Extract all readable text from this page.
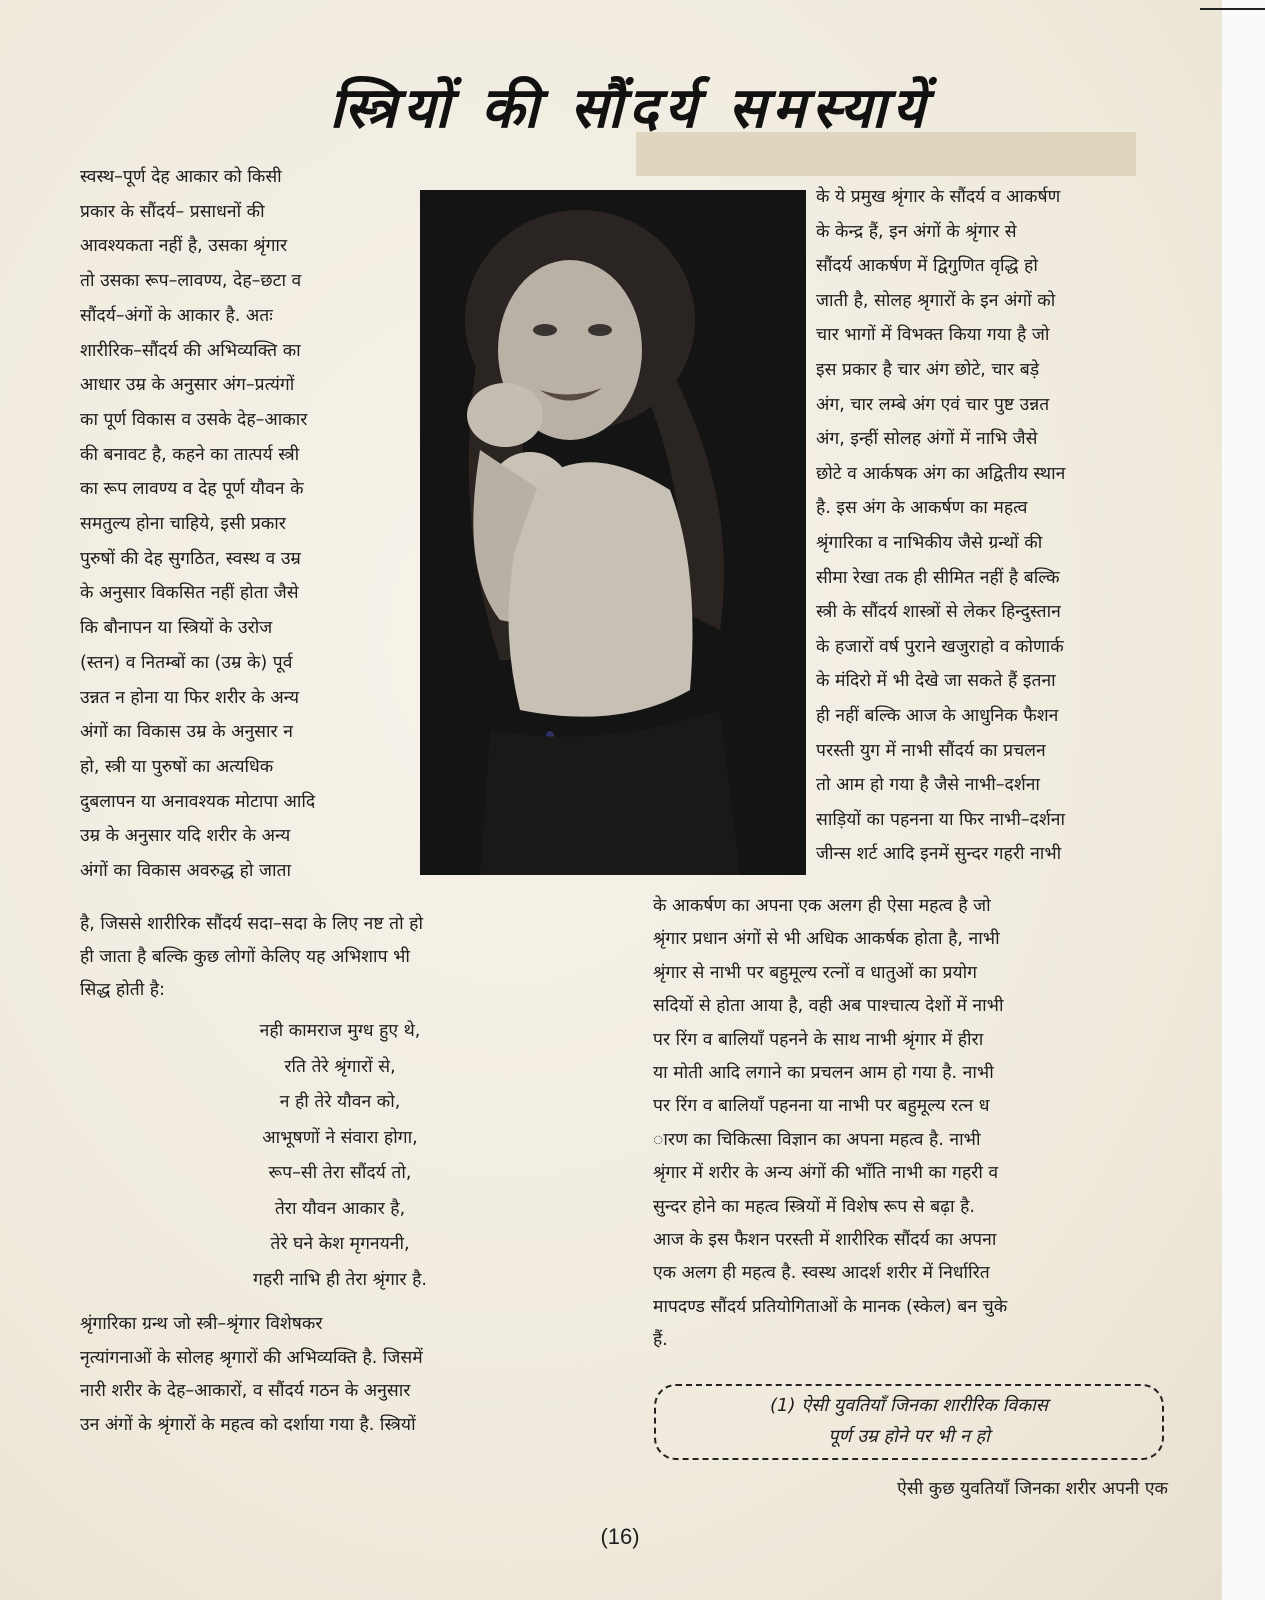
स्त्रियों की सौंदर्य समस्यायें

स्वस्थ–पूर्ण देह आकार को किसी
प्रकार के सौंदर्य– प्रसाधनों की
आवश्यकता नहीं है, उसका श्रृंगार
तो उसका रूप–लावण्य, देह–छटा व
सौंदर्य–अंगों के आकार है. अतः
शारीरिक–सौंदर्य की अभिव्यक्ति का
आधार उम्र के अनुसार अंग–प्रत्यंगों
का पूर्ण विकास व उसके देह–आकार
की बनावट है, कहने का तात्पर्य स्त्री
का रूप लावण्य व देह पूर्ण यौवन के
समतुल्य होना चाहिये, इसी प्रकार
पुरुषों की देह सुगठित, स्वस्थ व उम्र
के अनुसार विकसित नहीं होता जैसे
कि बौनापन या स्त्रियों के उरोज
(स्तन) व नितम्बों का (उम्र के) पूर्व
उन्नत न होना या फिर शरीर के अन्य
अंगों का विकास उम्र के अनुसार न
हो, स्त्री या पुरुषों का अत्यधिक
दुबलापन या अनावश्यक मोटापा आदि
उम्र के अनुसार यदि शरीर के अन्य
अंगों का विकास अवरुद्ध हो जाता

के ये प्रमुख श्रृंगार के सौंदर्य व आकर्षण
के केन्द्र हैं, इन अंगों के श्रृंगार से
सौंदर्य आकर्षण में द्विगुणित वृद्धि हो
जाती है, सोलह श्रृगारों के इन अंगों को
चार भागों में विभक्त किया गया है जो
इस प्रकार है चार अंग छोटे, चार बड़े
अंग, चार लम्बे अंग एवं चार पुष्ट उन्नत
अंग, इन्हीं सोलह अंगों में नाभि जैसे
छोटे व आर्कषक अंग का अद्वितीय स्थान
है. इस अंग के आकर्षण का महत्व
श्रृंगारिका व नाभिकीय जैसे ग्रन्थों की
सीमा रेखा तक ही सीमित नहीं है बल्कि
स्त्री के सौंदर्य शास्त्रों से लेकर हिन्दुस्तान
के हजारों वर्ष पुराने खजुराहो व कोणार्क
के मंदिरो में भी देखे जा सकते हैं इतना
ही नहीं बल्कि आज के आधुनिक फैशन
परस्ती युग में नाभी सौंदर्य का प्रचलन
तो आम हो गया है जैसे नाभी–दर्शना
साड़ियों का पहनना या फिर नाभी–दर्शना
जीन्स शर्ट आदि इनमें सुन्दर गहरी नाभी

है, जिससे शारीरिक सौंदर्य सदा–सदा के लिए नष्ट तो हो
ही जाता है बल्कि कुछ लोगों केलिए यह अभिशाप भी
सिद्ध होती है:

नही कामराज मुग्ध हुए थे,
रति तेरे श्रृंगारों से,
न ही तेरे यौवन को,
आभूषणों ने संवारा होगा,
रूप–सी तेरा सौंदर्य तो,
तेरा यौवन आकार है,
तेरे घने केश मृगनयनी,
गहरी नाभि ही तेरा श्रृंगार है.

श्रृंगारिका ग्रन्थ जो स्त्री–श्रृंगार विशेषकर
नृत्यांगनाओं के सोलह श्रृगारों की अभिव्यक्ति है. जिसमें
नारी शरीर के देह–आकारों, व सौंदर्य गठन के अनुसार
उन अंगों के श्रृंगारों के महत्व को दर्शाया गया है. स्त्रियों

के आकर्षण का अपना एक अलग ही ऐसा महत्व है जो
श्रृंगार प्रधान अंगों से भी अधिक आकर्षक होता है, नाभी
श्रृंगार से नाभी पर बहुमूल्य रत्नों व धातुओं का प्रयोग
सदियों से होता आया है, वही अब पाश्चात्य देशों में नाभी
पर रिंग व बालियाँ पहनने के साथ नाभी श्रृंगार में हीरा
या मोती आदि लगाने का प्रचलन आम हो गया है. नाभी
पर रिंग व बालियाँ पहनना या नाभी पर बहुमूल्य रत्न ध
ारण का चिकित्सा विज्ञान का अपना महत्व है. नाभी
श्रृंगार में शरीर के अन्य अंगों की भाँति नाभी का गहरी व
सुन्दर होने का महत्व स्त्रियों में विशेष रूप से बढ़ा है.
आज के इस फैशन परस्ती में शारीरिक सौंदर्य का अपना
एक अलग ही महत्व है. स्वस्थ आदर्श शरीर में निर्धारित
मापदण्ड सौंदर्य प्रतियोगिताओं के मानक (स्केल) बन चुके
हैं.

(1) ऐसी युवतियाँ जिनका शारीरिक विकास
पूर्ण उम्र होने पर भी न हो
ऐसी कुछ युवतियाँ जिनका शरीर अपनी एक
(16)
